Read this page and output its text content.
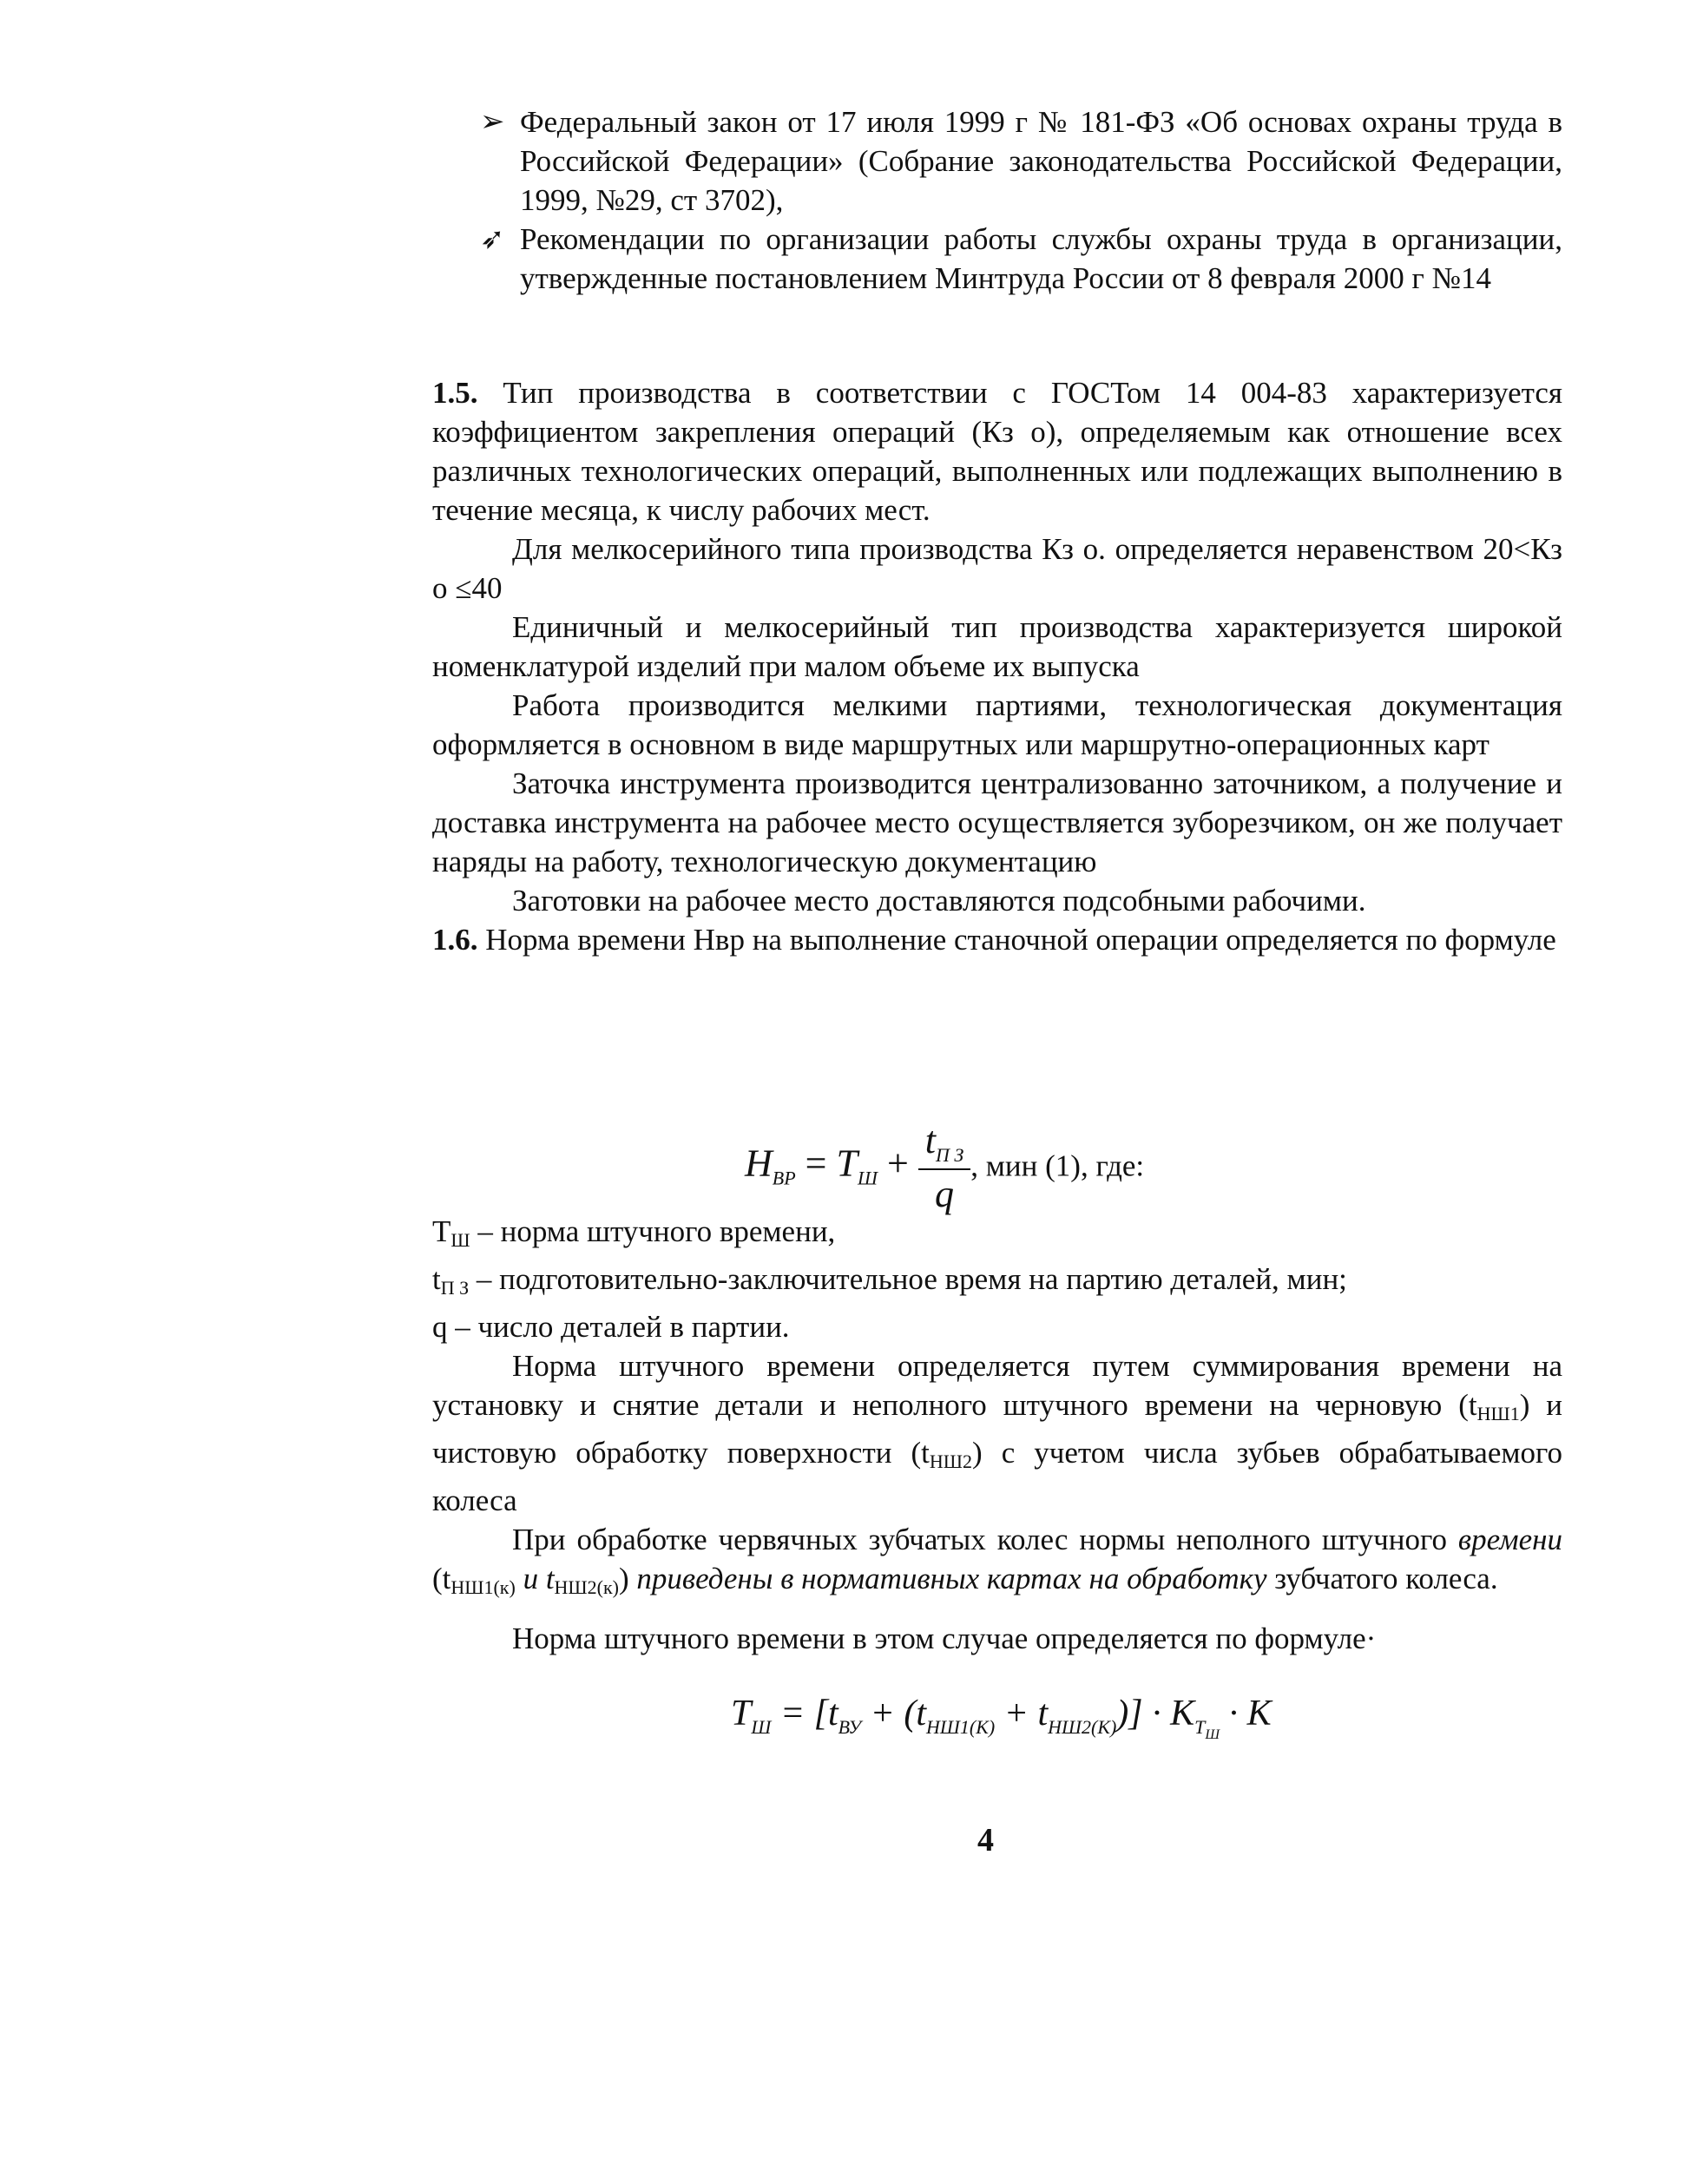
➢ Федеральный закон от 17 июля 1999 г № 181-ФЗ «Об основах охраны труда в Российской Федерации» (Собрание законодательства Российской Федерации, 1999, №29, ст 3702),
➶ Рекомендации по организации работы службы охраны труда в организации, утвержденные постановлением Минтруда России от 8 февраля 2000 г №14
1.5. Тип производства в соответствии с ГОСТом 14 004-83 характеризуется коэффициентом закрепления операций (Кз о), определяемым как отношение всех различных технологических операций, выполненных или подлежащих выполнению в течение месяца, к числу рабочих мест.
Для мелкосерийного типа производства Кз о. определяется неравенством 20<Кз о ≤40
Единичный и мелкосерийный тип производства характеризуется широкой номенклатурой изделий при малом объеме их выпуска
Работа производится мелкими партиями, технологическая документация оформляется в основном в виде маршрутных или маршрутно-операционных карт
Заточка инструмента производится централизованно заточником, а получение и доставка инструмента на рабочее место осуществляется зуборезчиком, он же получает наряды на работу, технологическую документацию
Заготовки на рабочее место доставляются подсобными рабочими.
1.6. Норма времени Нвр на выполнение станочной операции определяется по формуле
$H_{ВР} = T_Ш + \frac{t_{П З}}{q}$ , мин (1), где:
ТШ – норма штучного времени,
tП З – подготовительно-заключительное время на партию деталей, мин;
q – число деталей в партии.
Норма штучного времени определяется путем суммирования времени на установку и снятие детали и неполного штучного времени на черновую (tНШ1) и чистовую обработку поверхности (tНШ2) с учетом числа зубьев обрабатываемого колеса
При обработке червячных зубчатых колес нормы неполного штучного времени (tНШ1(к) и tНШ2(к)) приведены в нормативных картах на обработку зубчатого колеса.
Норма штучного времени в этом случае определяется по формуле·
$T_Ш = [t_{ВУ} + (t_{НШ1(К)} + t_{НШ2(К)})] \cdot K_{ТШ} \cdot K$
4
